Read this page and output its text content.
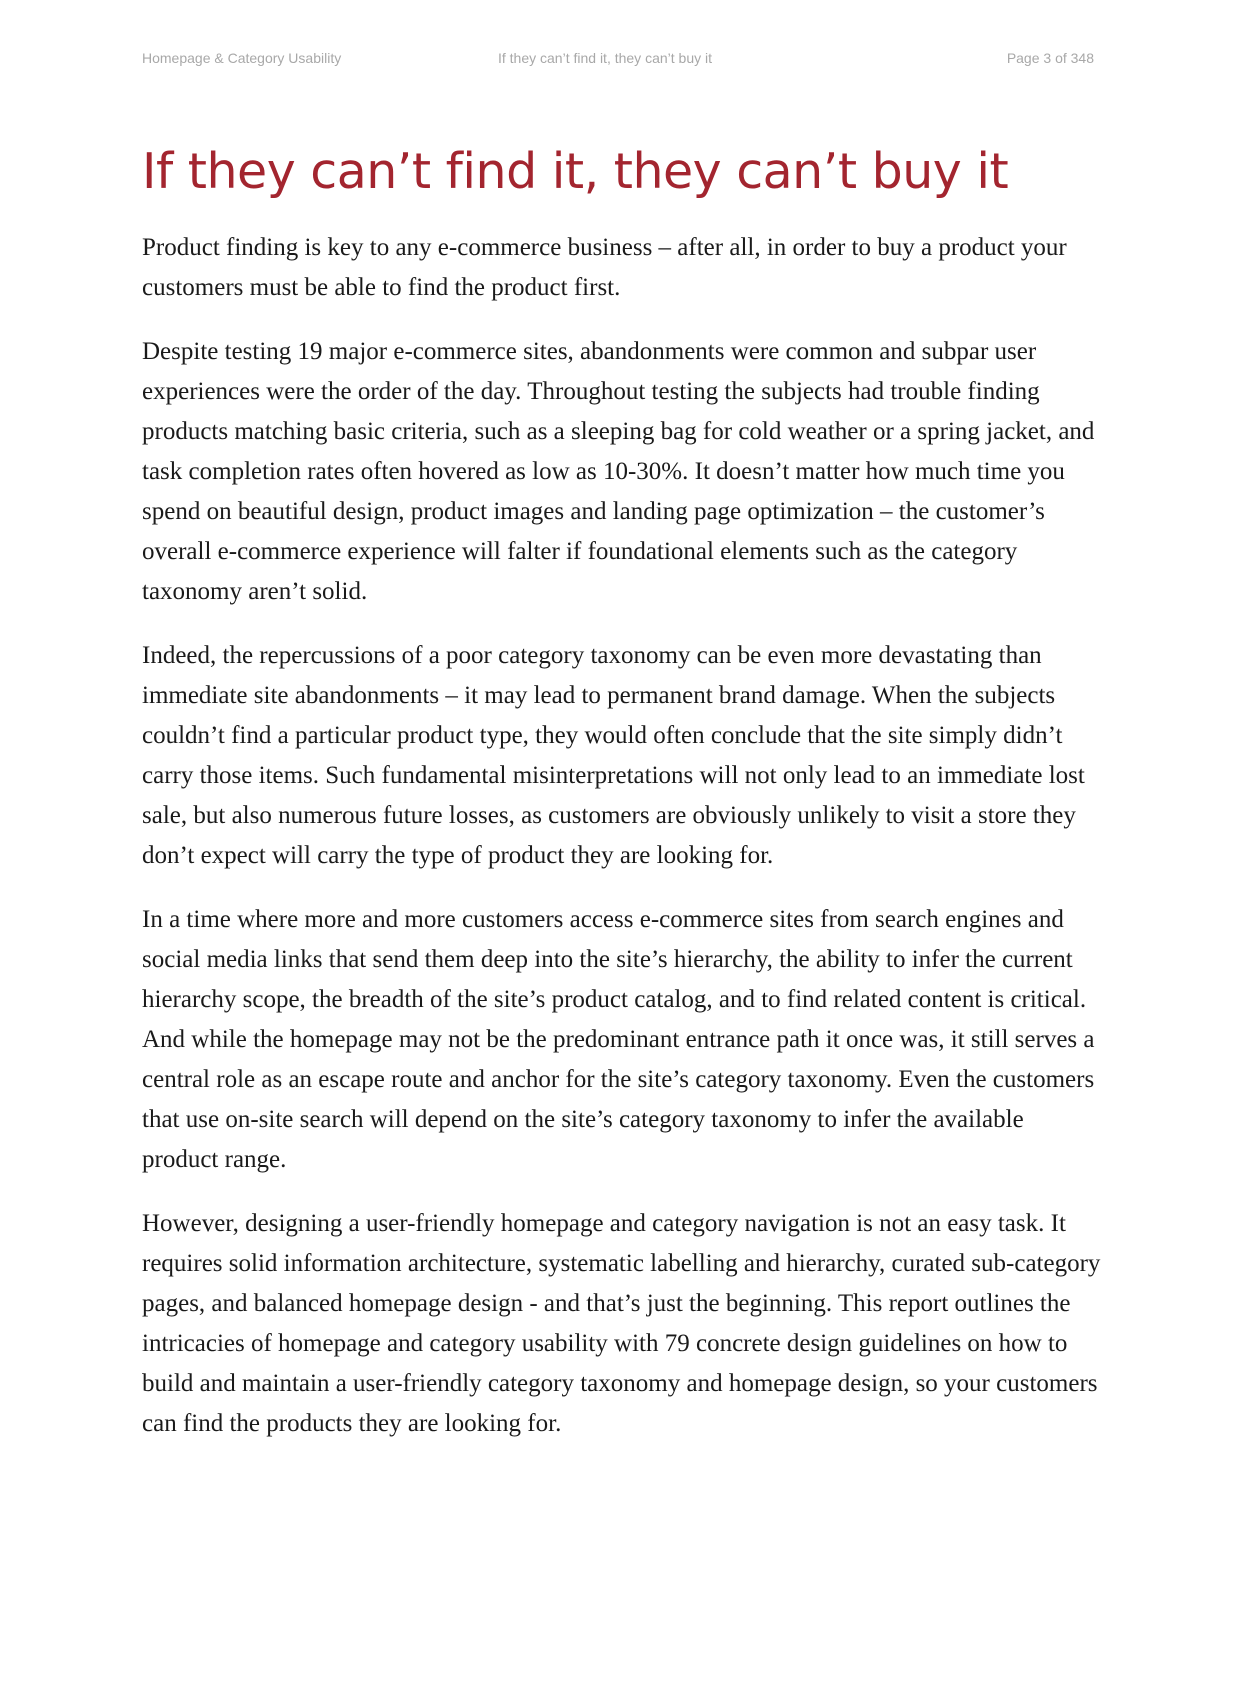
Homepage & Category Usability	If they can’t find it, they can’t buy it	Page 3 of 348
If they can’t find it, they can’t buy it

Product finding is key to any e-commerce business – after all, in order to buy a product your customers must be able to find the product first.

Despite testing 19 major e-commerce sites, abandonments were common and subpar user experiences were the order of the day. Throughout testing the subjects had trouble finding products matching basic criteria, such as a sleeping bag for cold weather or a spring jacket, and task completion rates often hovered as low as 10-30%. It doesn’t matter how much time you spend on beautiful design, product images and landing page optimization – the customer’s overall e-commerce experience will falter if foundational elements such as the category taxonomy aren’t solid.

Indeed, the repercussions of a poor category taxonomy can be even more devastating than immediate site abandonments – it may lead to permanent brand damage. When the subjects couldn’t find a particular product type, they would often conclude that the site simply didn’t carry those items. Such fundamental misinterpretations will not only lead to an immediate lost sale, but also numerous future losses, as customers are obviously unlikely to visit a store they don’t expect will carry the type of product they are looking for.

In a time where more and more customers access e-commerce sites from search engines and social media links that send them deep into the site’s hierarchy, the ability to infer the current hierarchy scope, the breadth of the site’s product catalog, and to find related content is critical. And while the homepage may not be the predominant entrance path it once was, it still serves a central role as an escape route and anchor for the site’s category taxonomy. Even the customers that use on-site search will depend on the site’s category taxonomy to infer the available product range.

However, designing a user-friendly homepage and category navigation is not an easy task. It requires solid information architecture, systematic labelling and hierarchy, curated sub-category pages, and balanced homepage design - and that’s just the beginning. This report outlines the intricacies of homepage and category usability with 79 concrete design guidelines on how to build and maintain a user-friendly category taxonomy and homepage design, so your customers can find the products they are looking for.
